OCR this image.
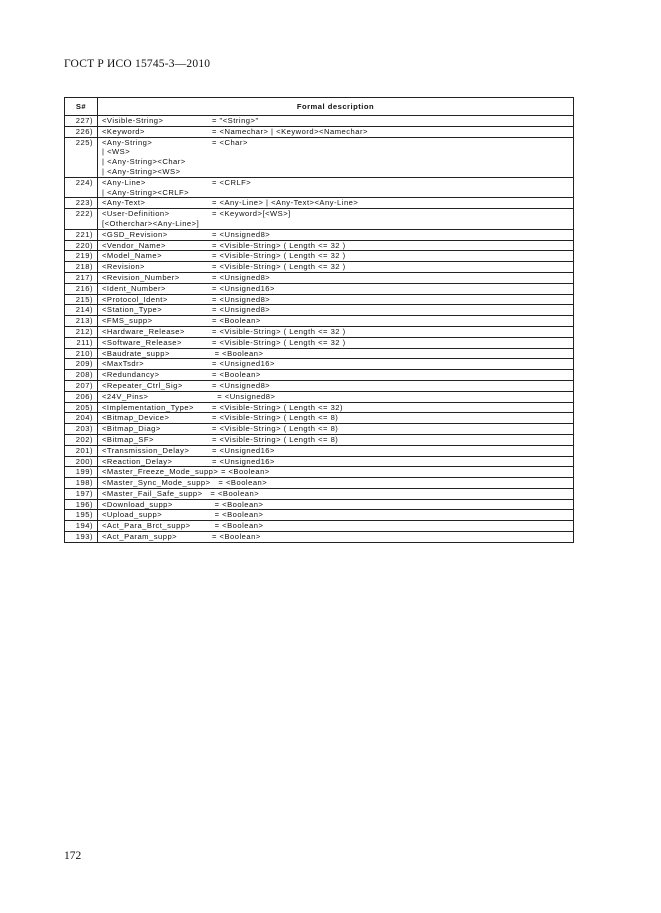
ГОСТ Р ИСО 15745-3—2010
S#	Formal description
227)	<Visible-String> = "<String>"

226)	<Keyword> = <Namechar> | <Keyword><Namechar>

225)	<Any-String> = <Char>
| <WS>
| <Any-String><Char>
| <Any-String><WS>

224)	<Any-Line> = <CRLF>
| <Any-String><CRLF>

223)	<Any-Text> = <Any-Line> | <Any-Text><Any-Line>

222)	<User-Definition> = <Keyword>[<WS>]
[<Otherchar><Any-Line>]

221)	<GSD_Revision> = <Unsigned8>

220)	<Vendor_Name> = <Visible-String> ( Length <= 32 )

219)	<Model_Name> = <Visible-String> ( Length <= 32 )

218)	<Revision> = <Visible-String> ( Length <= 32 )

217)	<Revision_Number> = <Unsigned8>

216)	<Ident_Number> = <Unsigned16>

215)	<Protocol_Ident> = <Unsigned8>

214)	<Station_Type> = <Unsigned8>

213)	<FMS_supp> = <Boolean>

212)	<Hardware_Release> = <Visible-String> ( Length <= 32 )

211)	<Software_Release> = <Visible-String> ( Length <= 32 )

210)	<Baudrate_supp> = <Boolean>

209)	<MaxTsdr> = <Unsigned16>

208)	<Redundancy> = <Boolean>

207)	<Repeater_Ctrl_Sig> = <Unsigned8>

206)	<24V_Pins> = <Unsigned8>

205)	<Implementation_Type> = <Visible-String> ( Length <= 32)

204)	<Bitmap_Device> = <Visible-String> ( Length <= 8)

203)	<Bitmap_Diag> = <Visible-String> ( Length <= 8)

202)	<Bitmap_SF> = <Visible-String> ( Length <= 8)

201)	<Transmission_Delay> = <Unsigned16>

200)	<Reaction_Delay> = <Unsigned16>

199)	<Master_Freeze_Mode_supp> = <Boolean>

198)	<Master_Sync_Mode_supp>   = <Boolean>

197)	<Master_Fail_Safe_supp>   = <Boolean>

196)	<Download_supp> = <Boolean>

195)	<Upload_supp> = <Boolean>

194)	<Act_Para_Brct_supp> = <Boolean>

193)	<Act_Param_supp> = <Boolean>
172
